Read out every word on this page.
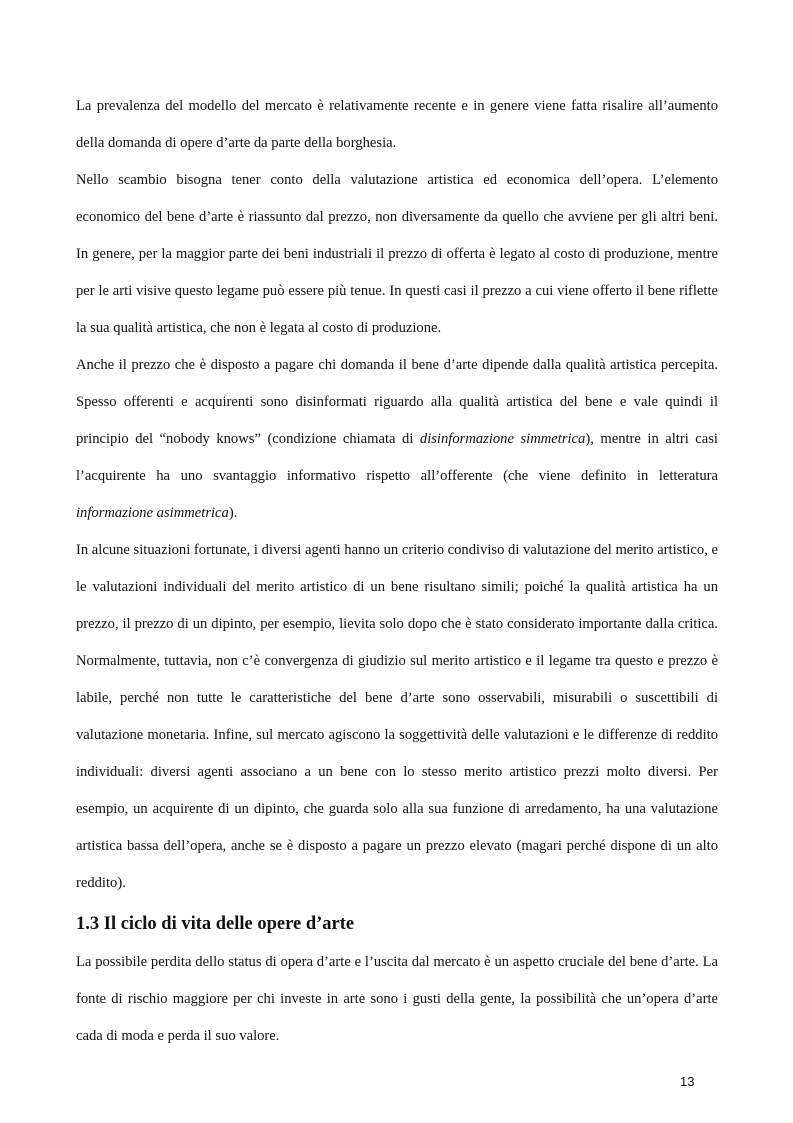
La prevalenza del modello del mercato è relativamente recente e in genere viene fatta risalire all’aumento della domanda di opere d’arte da parte della borghesia.

Nello scambio bisogna tener conto della valutazione artistica ed economica dell’opera. L’elemento economico del bene d’arte è riassunto dal prezzo, non diversamente da quello che avviene per gli altri beni. In genere, per la maggior parte dei beni industriali il prezzo di offerta è legato al costo di produzione, mentre per le arti visive questo legame può essere più tenue. In questi casi il prezzo a cui viene offerto il bene riflette la sua qualità artistica, che non è legata al costo di produzione.

Anche il prezzo che è disposto a pagare chi domanda il bene d’arte dipende dalla qualità artistica percepita. Spesso offerenti e acquirenti sono disinformati riguardo alla qualità artistica del bene e vale quindi il principio del “nobody knows” (condizione chiamata di disinformazione simmetrica), mentre in altri casi l’acquirente ha uno svantaggio informativo rispetto all’offerente (che viene definito in letteratura informazione asimmetrica).

In alcune situazioni fortunate, i diversi agenti hanno un criterio condiviso di valutazione del merito artistico, e le valutazioni individuali del merito artistico di un bene risultano simili; poiché la qualità artistica ha un prezzo, il prezzo di un dipinto, per esempio, lievita solo dopo che è stato considerato importante dalla critica. Normalmente, tuttavia, non c’è convergenza di giudizio sul merito artistico e il legame tra questo e prezzo è labile, perché non tutte le caratteristiche del bene d’arte sono osservabili, misurabili o suscettibili di valutazione monetaria. Infine, sul mercato agiscono la soggettività delle valutazioni e le differenze di reddito individuali: diversi agenti associano a un bene con lo stesso merito artistico prezzi molto diversi. Per esempio, un acquirente di un dipinto, che guarda solo alla sua funzione di arredamento, ha una valutazione artistica bassa dell’opera, anche se è disposto a pagare un prezzo elevato (magari perché dispone di un alto reddito).

1.3 Il ciclo di vita delle opere d’arte

La possibile perdita dello status di opera d’arte e l’uscita dal mercato è un aspetto cruciale del bene d’arte. La fonte di rischio maggiore per chi investe in arte sono i gusti della gente, la possibilità che un’opera d’arte cada di moda e perda il suo valore.

13
